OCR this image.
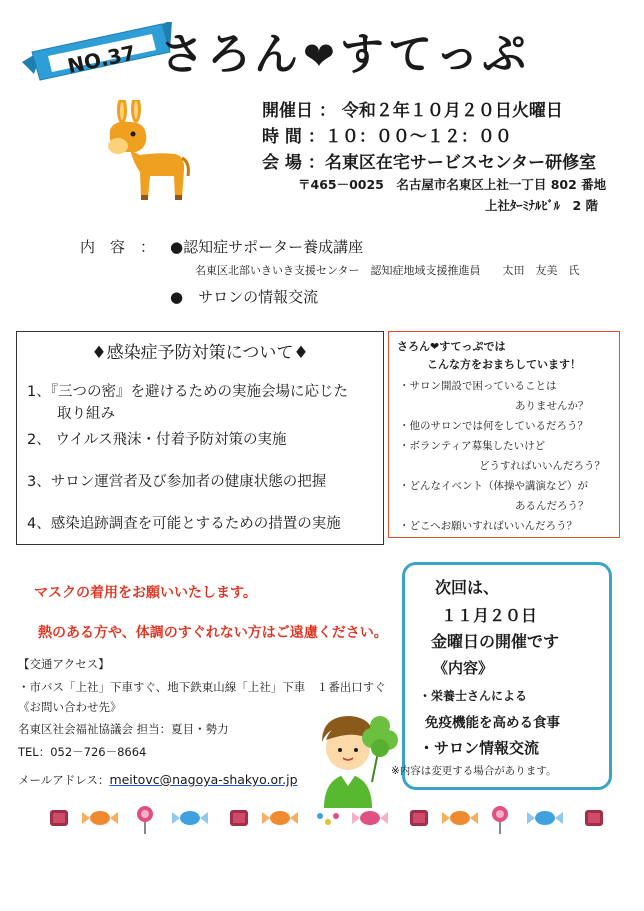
NO.37 さろん❤すてっぷ
開催日 ： 令和２年１０月２０日火曜日
時 間 ：１０：００〜１２：００
会 場 ：名東区在宅サービスセンター研修室
〒465－0025　名古屋市名東区上社一丁目 802 番地
上社ﾀｰﾐﾅﾙﾋﾞﾙ　2 階
内　容　： ●認知症サポーター養成講座
名東区北部いきいき支援センター　認知症地域支援推進員　　太田　友美　氏
●　サロンの情報交流
♦感染症予防対策について♦
1、『三つの密』を避けるための実施会場に応じた
取り組み
2、 ウイルス飛沫・付着予防対策の実施
3、サロン運営者及び参加者の健康状態の把握
4、感染追跡調査を可能とするための措置の実施
さろん❤すてっぷでは
こんな方をおまちしています！
・サロン開設で困っていることは
ありませんか？
・他のサロンでは何をしているだろう？
・ボランティア募集したいけど
どうすればいいんだろう？
・どんなイベント（体操や講演など）が
あるんだろう？
・どこへお願いすればいいんだろう？
マスクの着用をお願いいたします。
熱のある方や、体調のすぐれない方はご遠慮ください。
【交通アクセス】
・市バス「上社」下車すぐ、地下鉄東山線「上社」下車　１番出口すぐ
《お問い合わせ先》
名東区社会福祉協議会 担当：夏目・勢力
TEL：052－726－8664
メールアドレス：meitovc@nagoya-shakyo.or.jp
次回は、
１１月２０日
金曜日の開催です
《内容》
・栄養士さんによる
免疫機能を高める食事
・サロン情報交流
※内容は変更する場合があります。
